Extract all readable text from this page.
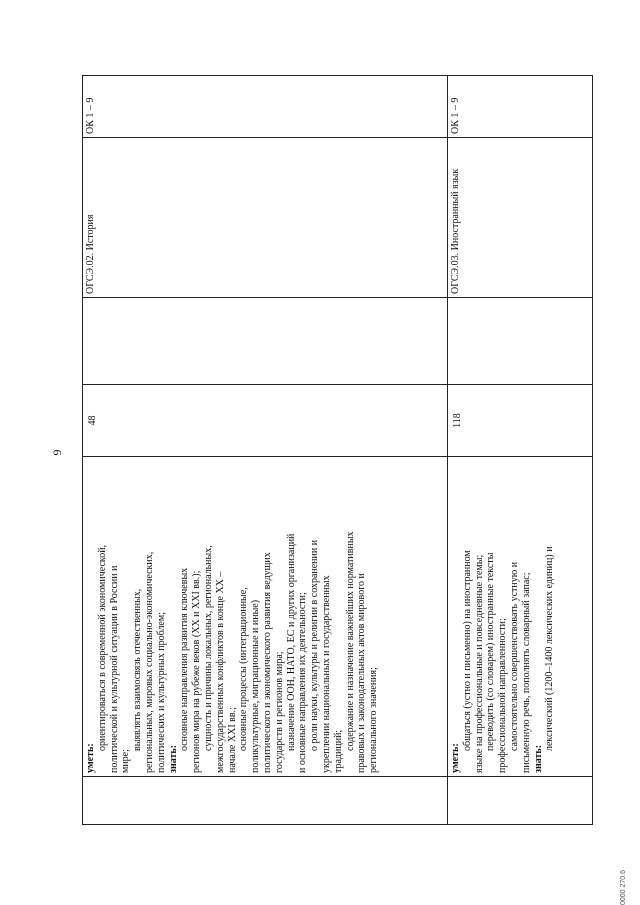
9
уметь:
ориентироваться в современной экономической, политической и культурной ситуации в России и мире;
выявлять взаимосвязь отечественных, региональных, мировых социально-экономических, политических и культурных проблем; знать:
основные направления развития ключевых регионов мира на рубеже веков (XX и XXI вв.); сущность и причины локальных, региональных, межгосударственных конфликтов в конце XX – начале XXI вв.; основные процессы (интеграционные, поликультурные, миграционные и иные) политического и экономического развития ведущих государств и регионов мира; назначение ООН, НАТО, ЕС и других организаций и основные направления их деятельности; о роли науки, культуры и религии в сохранении и укреплении национальных и государственных традиций;
содержание и назначение важнейших нормативных правовых и законодательных актов мирового и регионального значения;
48
ОГСЭ.02. История
ОК 1 – 9
уметь:
общаться (устно и письменно) на иностранном языке на профессиональные и повседневные темы; переводить (со словарем) иностранные тексты профессиональной направленности; самостоятельно совершенствовать устную и письменную речь, пополнять словарный запас; знать:
лексический (1200–1400 лексических единиц) и
118
ОГСЭ.03. Иностранный язык
ОК 1 – 9
0000 270.6
